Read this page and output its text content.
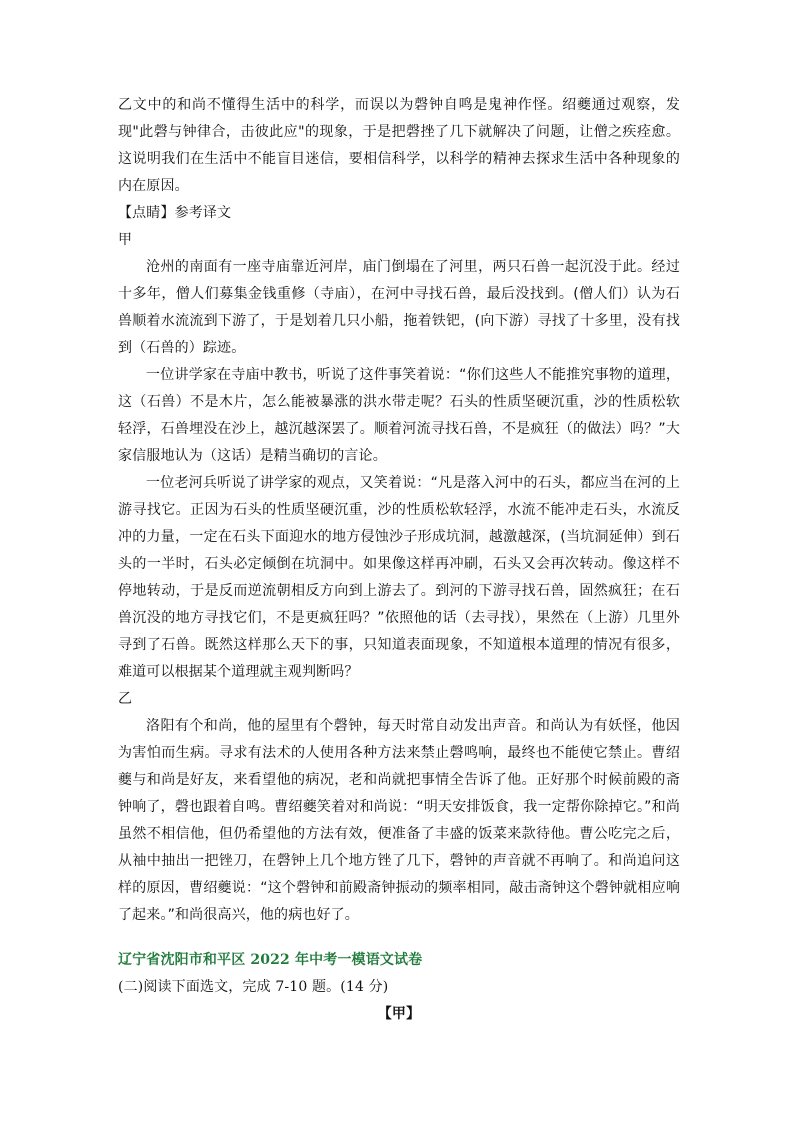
乙文中的和尚不懂得生活中的科学，而误以为磬钟自鸣是鬼神作怪。绍夔通过观察，发现"此磬与钟律合，击彼此应"的现象，于是把磬挫了几下就解决了问题，让僧之疾痊愈。这说明我们在生活中不能盲目迷信，要相信科学，以科学的精神去探求生活中各种现象的内在原因。

【点睛】参考译文

甲

沧州的南面有一座寺庙靠近河岸，庙门倒塌在了河里，两只石兽一起沉没于此。经过十多年，僧人们募集金钱重修（寺庙），在河中寻找石兽，最后没找到。(僧人们）认为石兽顺着水流流到下游了，于是划着几只小船，拖着铁钯，(向下游）寻找了十多里，没有找到（石兽的）踪迹。

一位讲学家在寺庙中教书，听说了这件事笑着说：“你们这些人不能推究事物的道理，这（石兽）不是木片，怎么能被暴涨的洪水带走呢？石头的性质坚硬沉重，沙的性质松软轻浮，石兽埋没在沙上，越沉越深罢了。顺着河流寻找石兽，不是疯狂（的做法）吗？”大家信服地认为（这话）是精当确切的言论。

一位老河兵听说了讲学家的观点，又笑着说：“凡是落入河中的石头，都应当在河的上游寻找它。正因为石头的性质坚硬沉重，沙的性质松软轻浮，水流不能冲走石头，水流反冲的力量，一定在石头下面迎水的地方侵蚀沙子形成坑洞，越激越深，(当坑洞延伸）到石头的一半时，石头必定倾倒在坑洞中。如果像这样再冲刷，石头又会再次转动。像这样不停地转动，于是反而逆流朝相反方向到上游去了。到河的下游寻找石兽，固然疯狂；在石兽沉没的地方寻找它们，不是更疯狂吗？”依照他的话（去寻找），果然在（上游）几里外寻到了石兽。既然这样那么天下的事，只知道表面现象，不知道根本道理的情况有很多，难道可以根据某个道理就主观判断吗？

乙

洛阳有个和尚，他的屋里有个磬钟，每天时常自动发出声音。和尚认为有妖怪，他因为害怕而生病。寻求有法术的人使用各种方法来禁止磬鸣响，最终也不能使它禁止。曹绍夔与和尚是好友，来看望他的病况，老和尚就把事情全告诉了他。正好那个时候前殿的斋钟响了，磬也跟着自鸣。曹绍夔笑着对和尚说：“明天安排饭食，我一定帮你除掉它。”和尚虽然不相信他，但仍希望他的方法有效，便准备了丰盛的饭菜来款待他。曹公吃完之后，从袖中抽出一把锉刀，在磬钟上几个地方锉了几下，磬钟的声音就不再响了。和尚追问这样的原因，曹绍夔说：“这个磬钟和前殿斋钟振动的频率相同，敲击斋钟这个磬钟就相应响了起来。”和尚很高兴，他的病也好了。

辽宁省沈阳市和平区 2022 年中考一模语文试卷

(二)阅读下面选文，完成 7-10 题。(14 分)

【甲】
